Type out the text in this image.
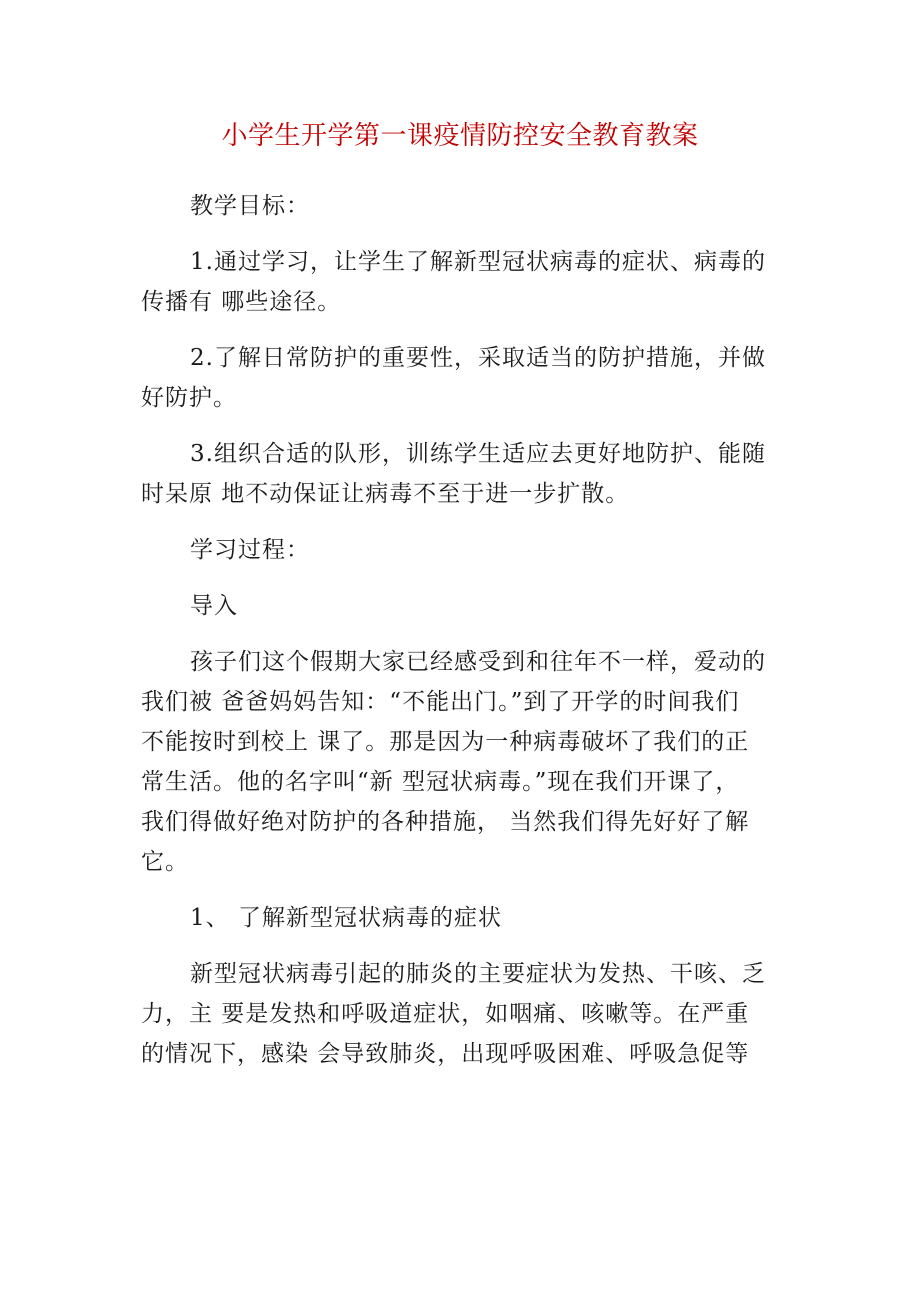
小学生开学第一课疫情防控安全教育教案

教学目标：

1.通过学习，让学生了解新型冠状病毒的症状、病毒的
传播有 哪些途径。

2.了解日常防护的重要性，采取适当的防护措施，并做
好防护。

3.组织合适的队形，训练学生适应去更好地防护、能随
时呆原 地不动保证让病毒不至于进一步扩散。

学习过程：

导入

孩子们这个假期大家已经感受到和往年不一样，爱动的
我们被 爸爸妈妈告知：“不能出门。”到了开学的时间我们
不能按时到校上 课了。那是因为一种病毒破坏了我们的正
常生活。他的名字叫“新 型冠状病毒。”现在我们开课了，
我们得做好绝对防护的各种措施， 当然我们得先好好了解
它。

1、 了解新型冠状病毒的症状

新型冠状病毒引起的肺炎的主要症状为发热、干咳、乏
力，主 要是发热和呼吸道症状，如咽痛、咳嗽等。在严重
的情况下，感染 会导致肺炎，出现呼吸困难、呼吸急促等
